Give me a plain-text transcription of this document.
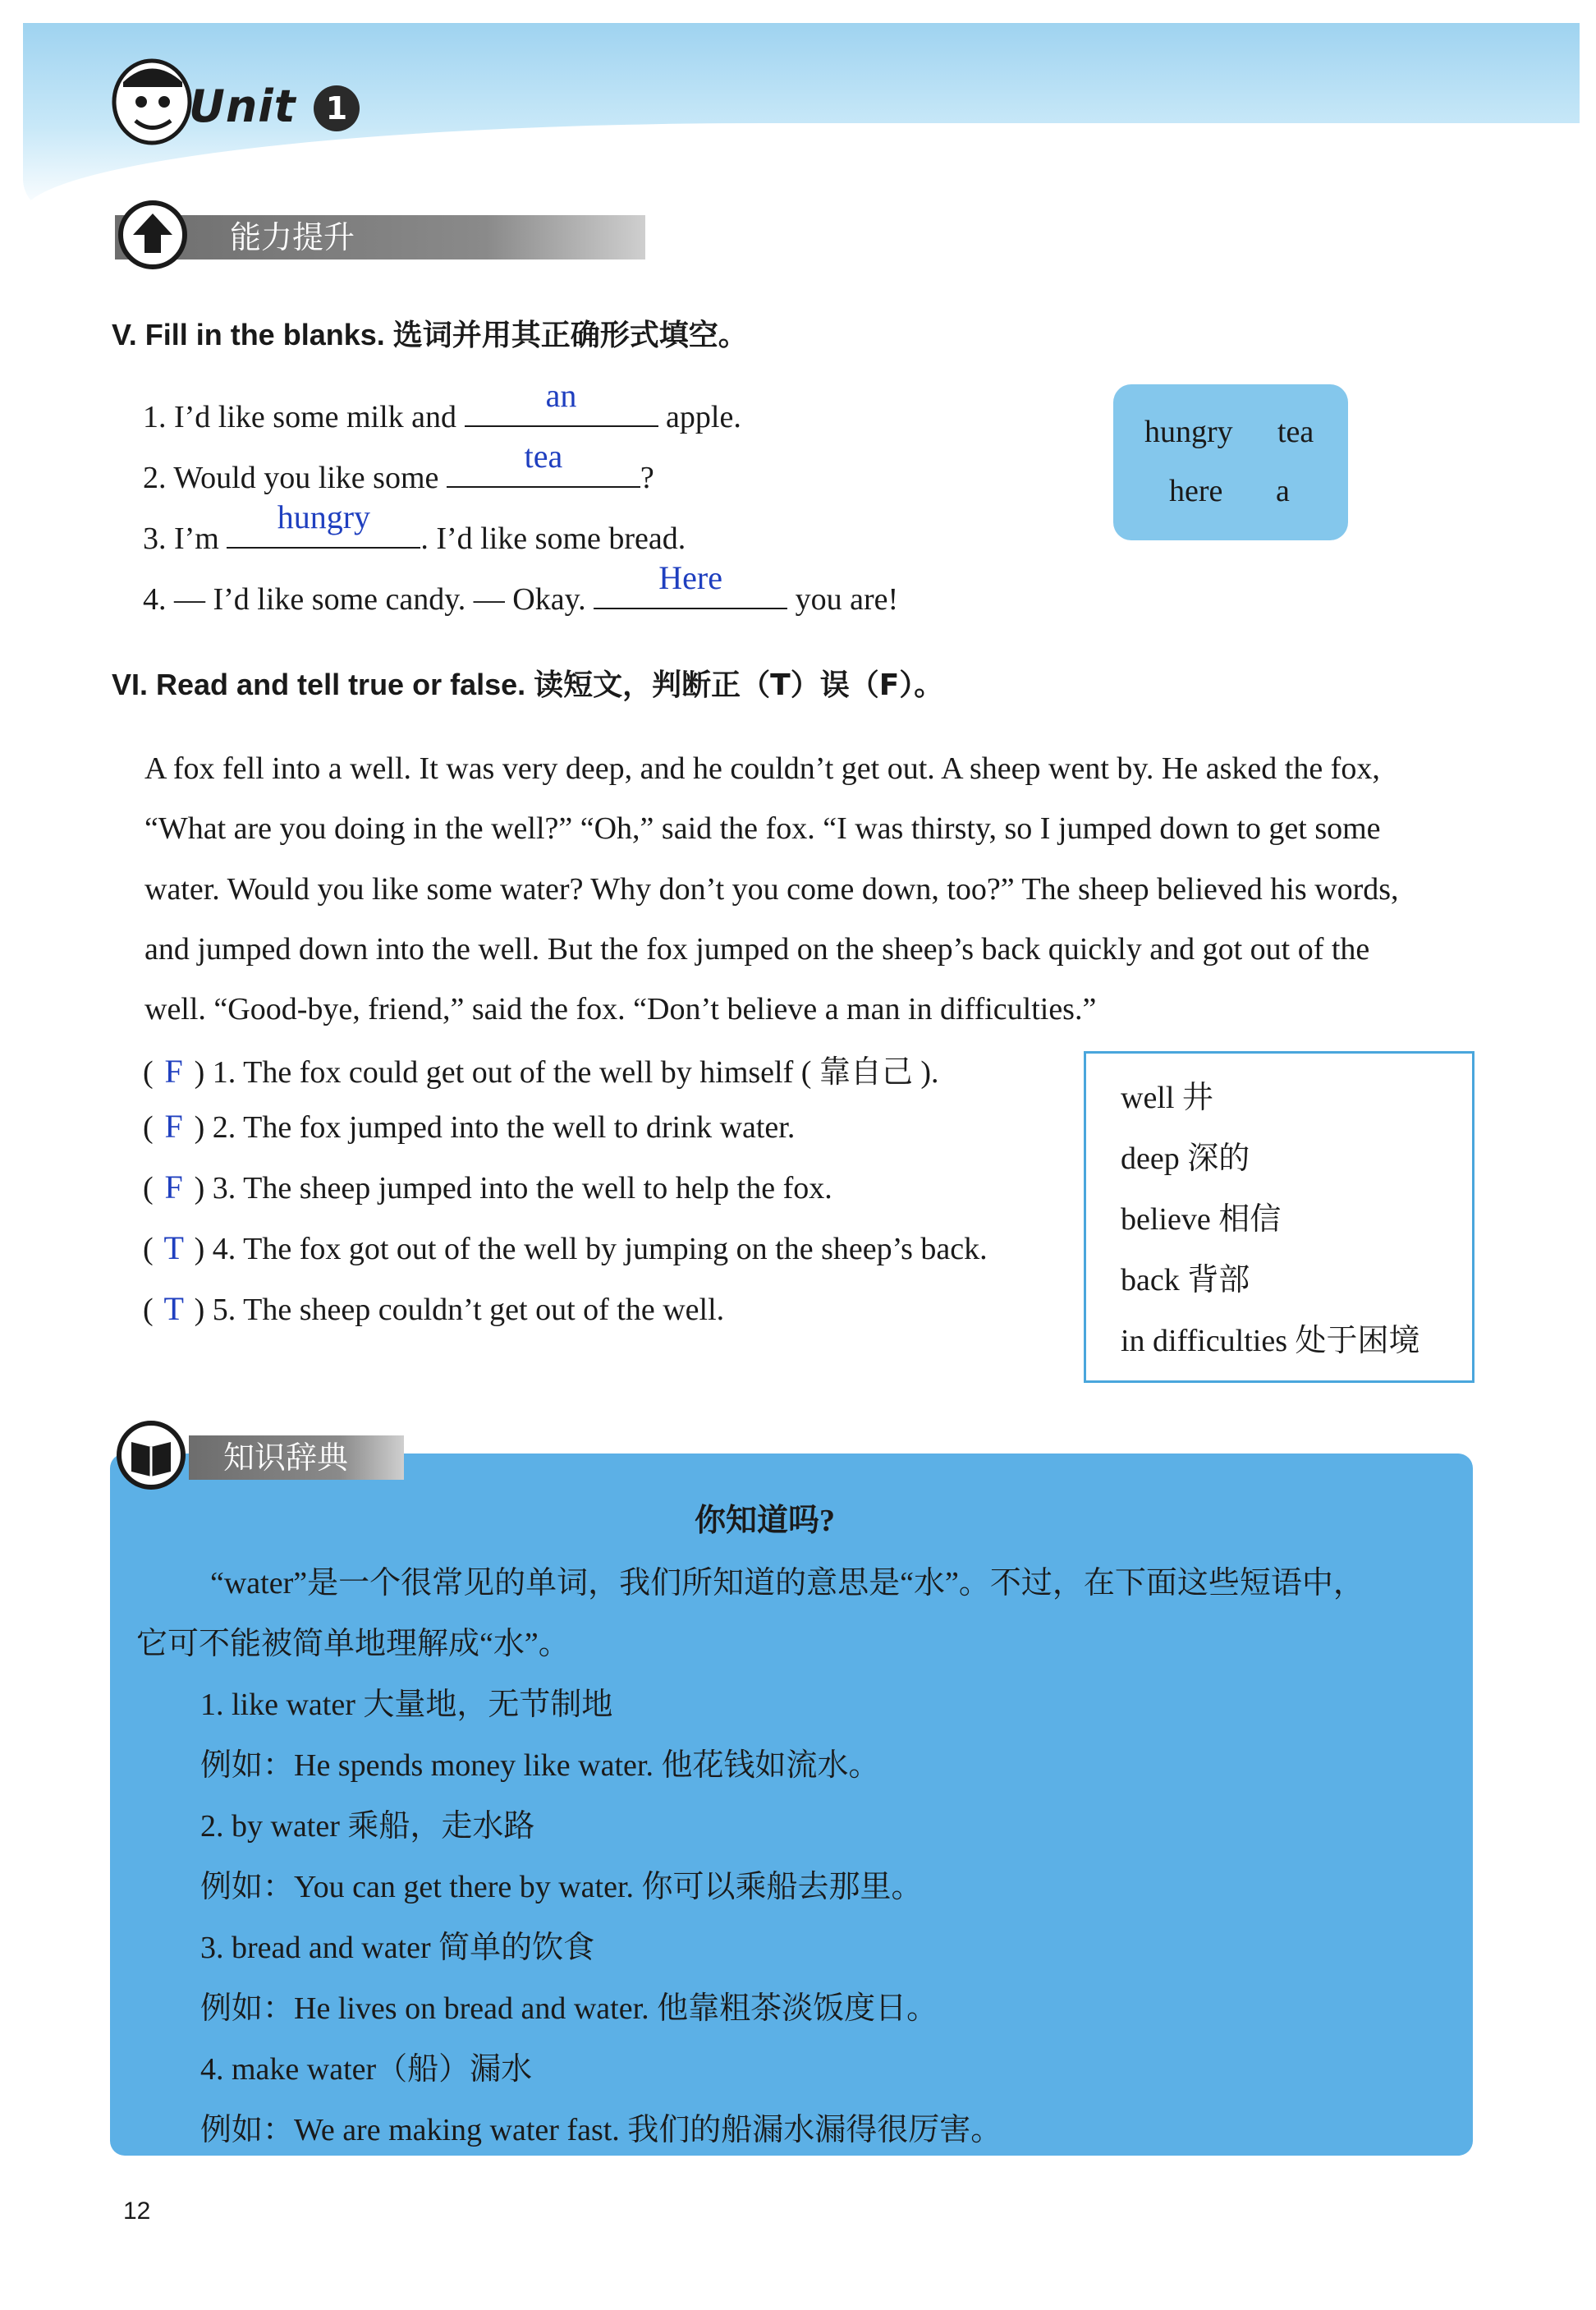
Unit 1
能力提升
V. Fill in the blanks. 选词并用其正确形式填空。
1. I’d like some milk and
an
apple.
2. Would you like some
tea
?
3. I’m
hungry
. I’d like some bread.
4. — I’d like some candy. — Okay.
Here
you are!
hungry tea
here a
VI. Read and tell true or false. 读短文，判断正（T）误（F）。
A fox fell into a well. It was very deep, and he couldn’t get out. A sheep went by. He asked the fox,
“What are you doing in the well?” “Oh,” said the fox. “I was thirsty, so I jumped down to get some
water. Would you like some water? Why don’t you come down, too?” The sheep believed his words,
and jumped down into the well. But the fox jumped on the sheep’s back quickly and got out of the
well. “Good-bye, friend,” said the fox. “Don’t believe a man in difficulties.”
( F ) 1. The fox could get out of the well by himself ( 靠自己 ).
( F ) 2. The fox jumped into the well to drink water.
( F ) 3. The sheep jumped into the well to help the fox.
( T ) 4. The fox got out of the well by jumping on the sheep’s back.
( T ) 5. The sheep couldn’t get out of the well.
well 井
deep 深的
believe 相信
back 背部
in difficulties 处于困境
知识辞典
你知道吗?
“water”是一个很常见的单词，我们所知道的意思是“水”。不过，在下面这些短语中，
它可不能被简单地理解成“水”。
1. like water 大量地，无节制地
例如：He spends money like water. 他花钱如流水。
2. by water 乘船，走水路
例如：You can get there by water. 你可以乘船去那里。
3. bread and water 简单的饮食
例如：He lives on bread and water. 他靠粗茶淡饭度日。
4. make water（船）漏水
例如：We are making water fast. 我们的船漏水漏得很厉害。
12
